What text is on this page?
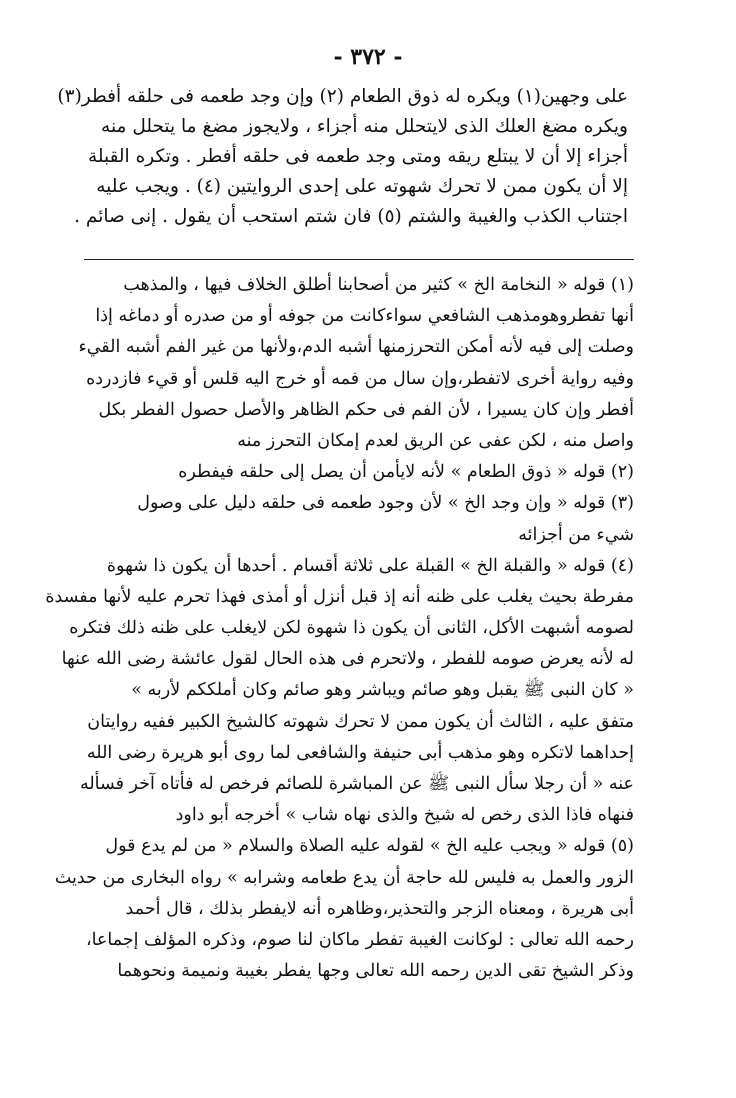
- ٣٧٢ -
على وجهين(١) ويكره له ذوق الطعام (٢) وإن وجد طعمه فى حلقه أفطر(٣)
ويكره مضغ العلك الذى لايتحلل منه أجزاء ، ولايجوز مضغ ما يتحلل منه
أجزاء إلا أن لا يبتلع ريقه ومتى وجد طعمه فى حلقه أفطر . وتكره القبلة
إلا أن يكون ممن لا تحرك شهوته على إحدى الروايتين (٤) . ويجب عليه
اجتناب الكذب والغيبة والشتم (٥) فان شتم استحب أن يقول . إنى صائم .
(١) قوله « النخامة الخ » كثير من أصحابنا أطلق الخلاف فيها ، والمذهب
أنها تفطروهومذهب الشافعي سواءكانت من جوفه أو من صدره أو دماغه إذا
وصلت إلى فيه لأنه أمكن التحرزمنها أشبه الدم،ولأنها من غير الفم أشبه القيء
وفيه رواية أخرى لاتفطر،وإن سال من فمه أو خرج اليه قلس أو قيء فازدرده
أفطر وإن كان يسيرا ، لأن الفم فى حكم الظاهر والأصل حصول الفطر بكل
واصل منه ، لكن عفى عن الريق لعدم إمكان التحرز منه
(٢) قوله « ذوق الطعام » لأنه لايأمن أن يصل إلى حلقه فيفطره
(٣) قوله « وإن وجد الخ » لأن وجود طعمه فى حلقه دليل على وصول
شيء من أجزائه
(٤) قوله « والقبلة الخ » القبلة على ثلاثة أقسام . أحدها أن يكون ذا شهوة
مفرطة بحيث يغلب على ظنه أنه إذ قبل أنزل أو أمذى فهذا تحرم عليه لأنها مفسدة
لصومه أشبهت الأكل، الثانى أن يكون ذا شهوة لكن لايغلب على ظنه ذلك فتكره
له لأنه يعرض صومه للفطر ، ولاتحرم فى هذه الحال لقول عائشة رضى الله عنها
« كان النبى ﷺ يقبل وهو صائم ويباشر وهو صائم وكان أملككم لأربه »
متفق عليه ، الثالث أن يكون ممن لا تحرك شهوته كالشيخ الكبير ففيه روايتان
إحداهما لاتكره وهو مذهب أبى حنيفة والشافعى لما روى أبو هريرة رضى الله
عنه « أن رجلا سأل النبى ﷺ عن المباشرة للصائم فرخص له فأتاه آخر فسأله
فنهاه فاذا الذى رخص له شيخ والذى نهاه شاب » أخرجه أبو داود
(٥) قوله « ويجب عليه الخ » لقوله عليه الصلاة والسلام « من لم يدع قول
الزور والعمل به فليس لله حاجة أن يدع طعامه وشرابه » رواه البخارى من حديث
أبى هريرة ، ومعناه الزجر والتحذير،وظاهره أنه لايفطر بذلك ، قال أحمد
رحمه الله تعالى : لوكانت الغيبة تفطر ماكان لنا صوم، وذكره المؤلف إجماعا،
وذكر الشيخ تقى الدين رحمه الله تعالى وجها يفطر بغيبة ونميمة ونحوهما
